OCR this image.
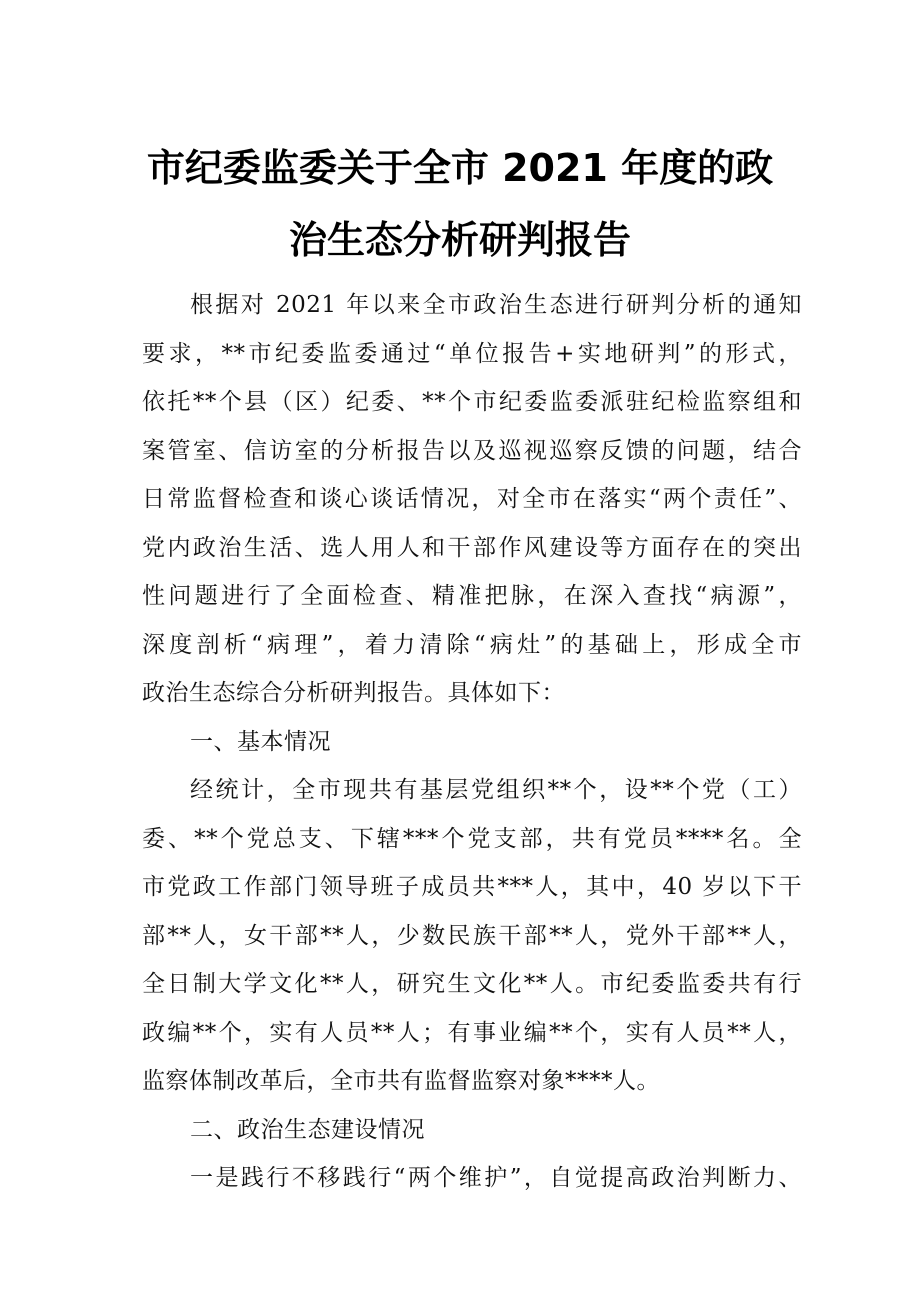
市纪委监委关于全市 2021 年度的政
治生态分析研判报告
根据对 2021 年以来全市政治生态进行研判分析的通知
要求，**市纪委监委通过“单位报告+实地研判”的形式，
依托**个县（区）纪委、**个市纪委监委派驻纪检监察组和
案管室、信访室的分析报告以及巡视巡察反馈的问题，结合
日常监督检查和谈心谈话情况，对全市在落实“两个责任”、
党内政治生活、选人用人和干部作风建设等方面存在的突出
性问题进行了全面检查、精准把脉，在深入查找“病源”，
深度剖析“病理”，着力清除“病灶”的基础上，形成全市
政治生态综合分析研判报告。具体如下：
一、基本情况
经统计，全市现共有基层党组织**个，设**个党（工）
委、**个党总支、下辖***个党支部，共有党员****名。全
市党政工作部门领导班子成员共***人，其中，40 岁以下干
部**人，女干部**人，少数民族干部**人，党外干部**人，
全日制大学文化**人，研究生文化**人。市纪委监委共有行
政编**个，实有人员**人；有事业编**个，实有人员**人，
监察体制改革后，全市共有监督监察对象****人。
二、政治生态建设情况
一是践行不移践行“两个维护”，自觉提高政治判断力、
